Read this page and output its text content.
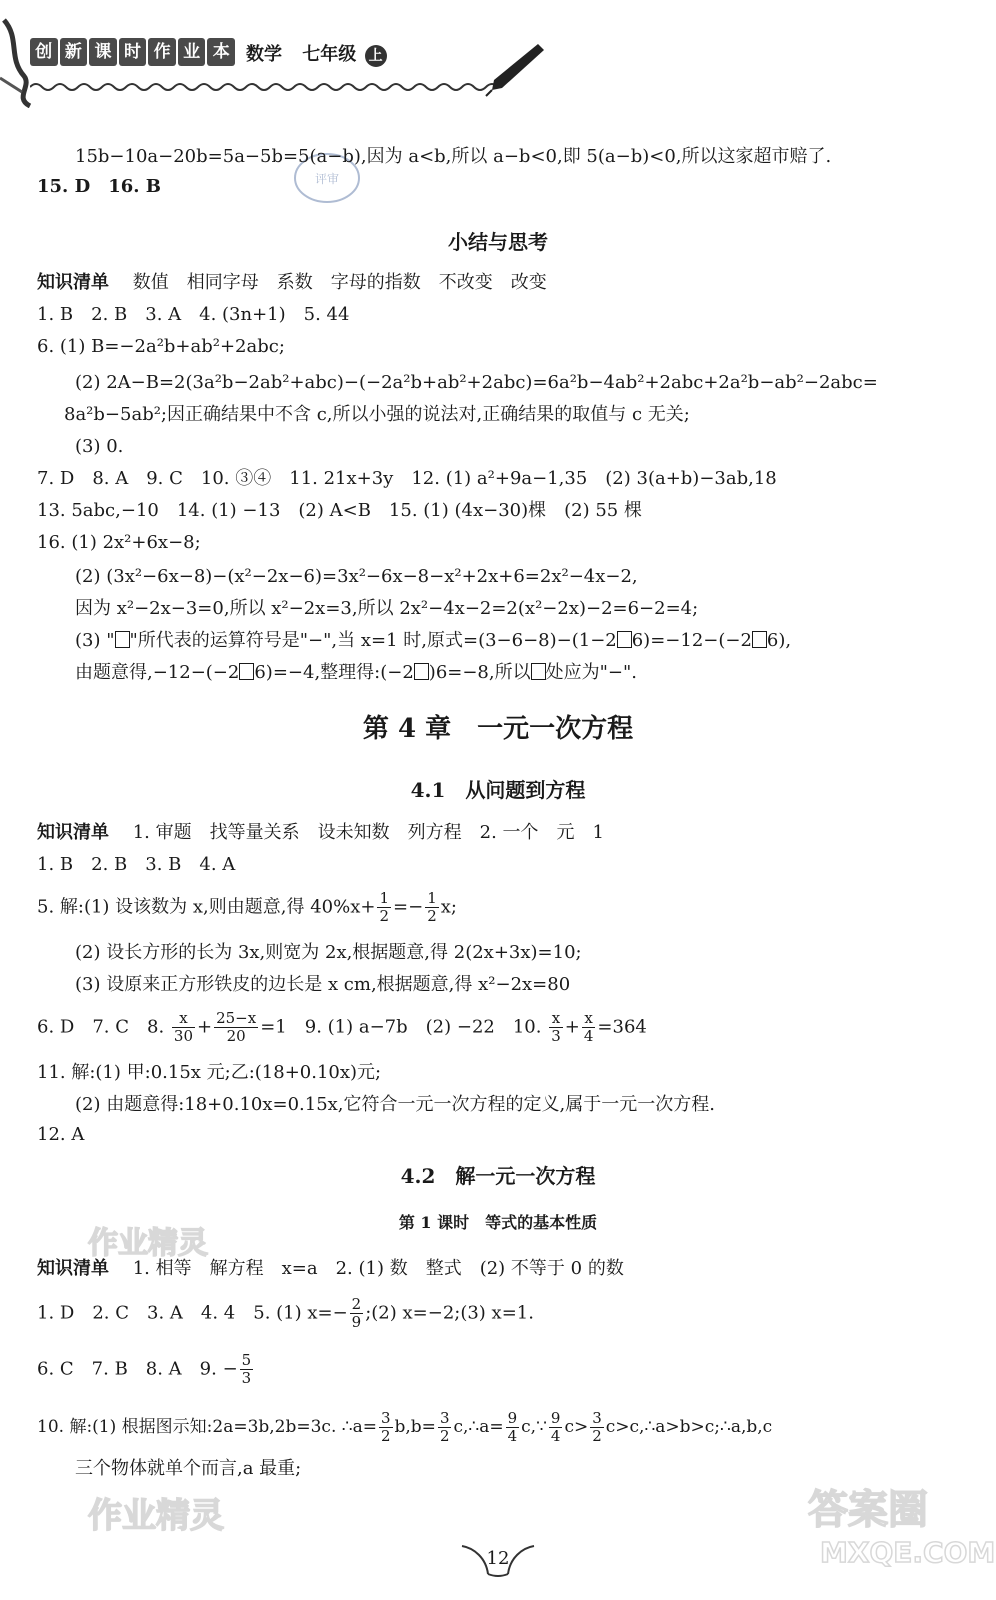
创 新 课 时 作 业 本 数学 七年级 上
评审
15b−10a−20b=5a−5b=5(a−b),因为 a<b,所以 a−b<0,即 5(a−b)<0,所以这家超市赔了.
15. D　16. B
小结与思考
知识清单　 数值　相同字母　系数　字母的指数　不改变　改变
1. B　2. B　3. A　4. (3n+1)　5. 44
6. (1) B=−2a²b+ab²+2abc;
(2) 2A−B=2(3a²b−2ab²+abc)−(−2a²b+ab²+2abc)=6a²b−4ab²+2abc+2a²b−ab²−2abc=
8a²b−5ab²;因正确结果中不含 c,所以小强的说法对,正确结果的取值与 c 无关;
(3) 0.
7. D　8. A　9. C　10. ③④　11. 21x+3y　12. (1) a²+9a−1,35　(2) 3(a+b)−3ab,18
13. 5abc,−10　14. (1) −13　(2) A<B　15. (1) (4x−30)棵　(2) 55 棵
16. (1) 2x²+6x−8;
(2) (3x²−6x−8)−(x²−2x−6)=3x²−6x−8−x²+2x+6=2x²−4x−2,
因为 x²−2x−3=0,所以 x²−2x=3,所以 2x²−4x−2=2(x²−2x)−2=6−2=4;
(3) " "所代表的运算符号是"−",当 x=1 时,原式=(3−6−8)−(1−2 6)=−12−(−2 6),
由题意得,−12−(−2 6)=−4,整理得:(−2 )6=−8,所以 处应为"−".
第 4 章　一元一次方程
4.1　从问题到方程
知识清单　 1. 审题　找等量关系　设未知数　列方程　2. 一个　元　1
1. B　2. B　3. B　4. A
5. 解:(1) 设该数为 x,则由题意,得 $40\%x+ \frac{1}{2} =- \frac{1}{2} x$;
(2) 设长方形的长为 3x,则宽为 2x,根据题意,得 2(2x+3x)=10;
(3) 设原来正方形铁皮的边长是 x cm,根据题意,得 x²−2x=80
6. D　7. C　8. $\frac{x}{30} + \frac{25-x}{20} =1$　9. (1) a−7b　(2) −22　10. $\frac{x}{3} + \frac{x}{4} =364$
11. 解:(1) 甲:0.15x 元;乙:(18+0.10x)元;
(2) 由题意得:18+0.10x=0.15x,它符合一元一次方程的定义,属于一元一次方程.
12. A
4.2　解一元一次方程
第 1 课时　等式的基本性质
知识清单　 1. 相等　解方程　x=a　2. (1) 数　整式　(2) 不等于 0 的数
1. D　2. C　3. A　4. 4　5. (1) $x=- \frac{2}{9}$ ;(2) x=−2;(3) x=1.
6. C　7. B　8. A　9. − $\frac{5}{3}$
10. 解:(1) 根据图示知:2a=3b,2b=3c. ∴a= $\frac{3}{2} b,b= \frac{3}{2}$ c,∴a= $\frac{9}{4}$ c,∵ $\frac{9}{4} c> \frac{3}{2}$ c>c,∴a>b>c;∴a,b,c
三个物体就单个而言,a 最重;
作业精灵
作业精灵	答案圈
MXQE.COM
12
